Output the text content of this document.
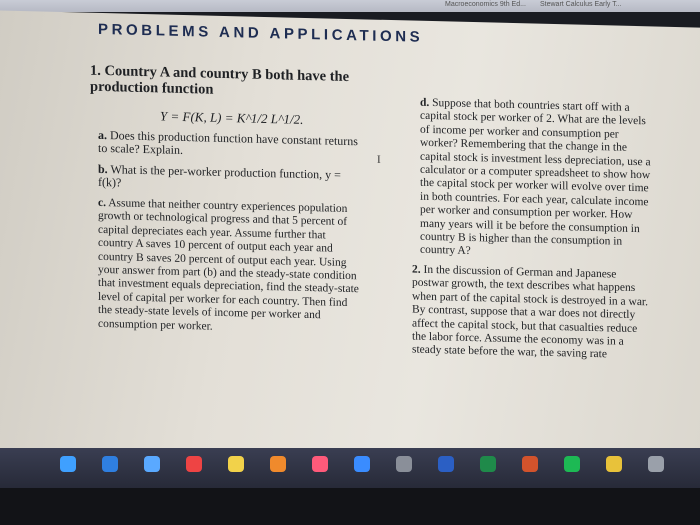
Macroeconomics 9th Ed... Stewart Calculus Early T...
PROBLEMS AND APPLICATIONS
1. Country A and country B both have the production function
Y = F(K, L) = K^1/2 L^1/2.
a. Does this production function have constant returns to scale? Explain.
b. What is the per-worker production function, y = f(k)?
c. Assume that neither country experiences population growth or technological progress and that 5 percent of capital depreciates each year. Assume further that country A saves 10 percent of output each year and country B saves 20 percent of output each year. Using your answer from part (b) and the steady-state condition that investment equals depreciation, find the steady-state level of capital per worker for each country. Then find the steady-state levels of income per worker and consumption per worker.
d. Suppose that both countries start off with a capital stock per worker of 2. What are the levels of income per worker and consumption per worker? Remembering that the change in the capital stock is investment less depreciation, use a calculator or a computer spreadsheet to show how the capital stock per worker will evolve over time in both countries. For each year, calculate income per worker and consumption per worker. How many years will it be before the consumption in country B is higher than the consumption in country A?
2. In the discussion of German and Japanese postwar growth, the text describes what happens when part of the capital stock is destroyed in a war. By contrast, suppose that a war does not directly affect the capital stock, but that casualties reduce the labor force. Assume the economy was in a steady state before the war, the saving rate
I
